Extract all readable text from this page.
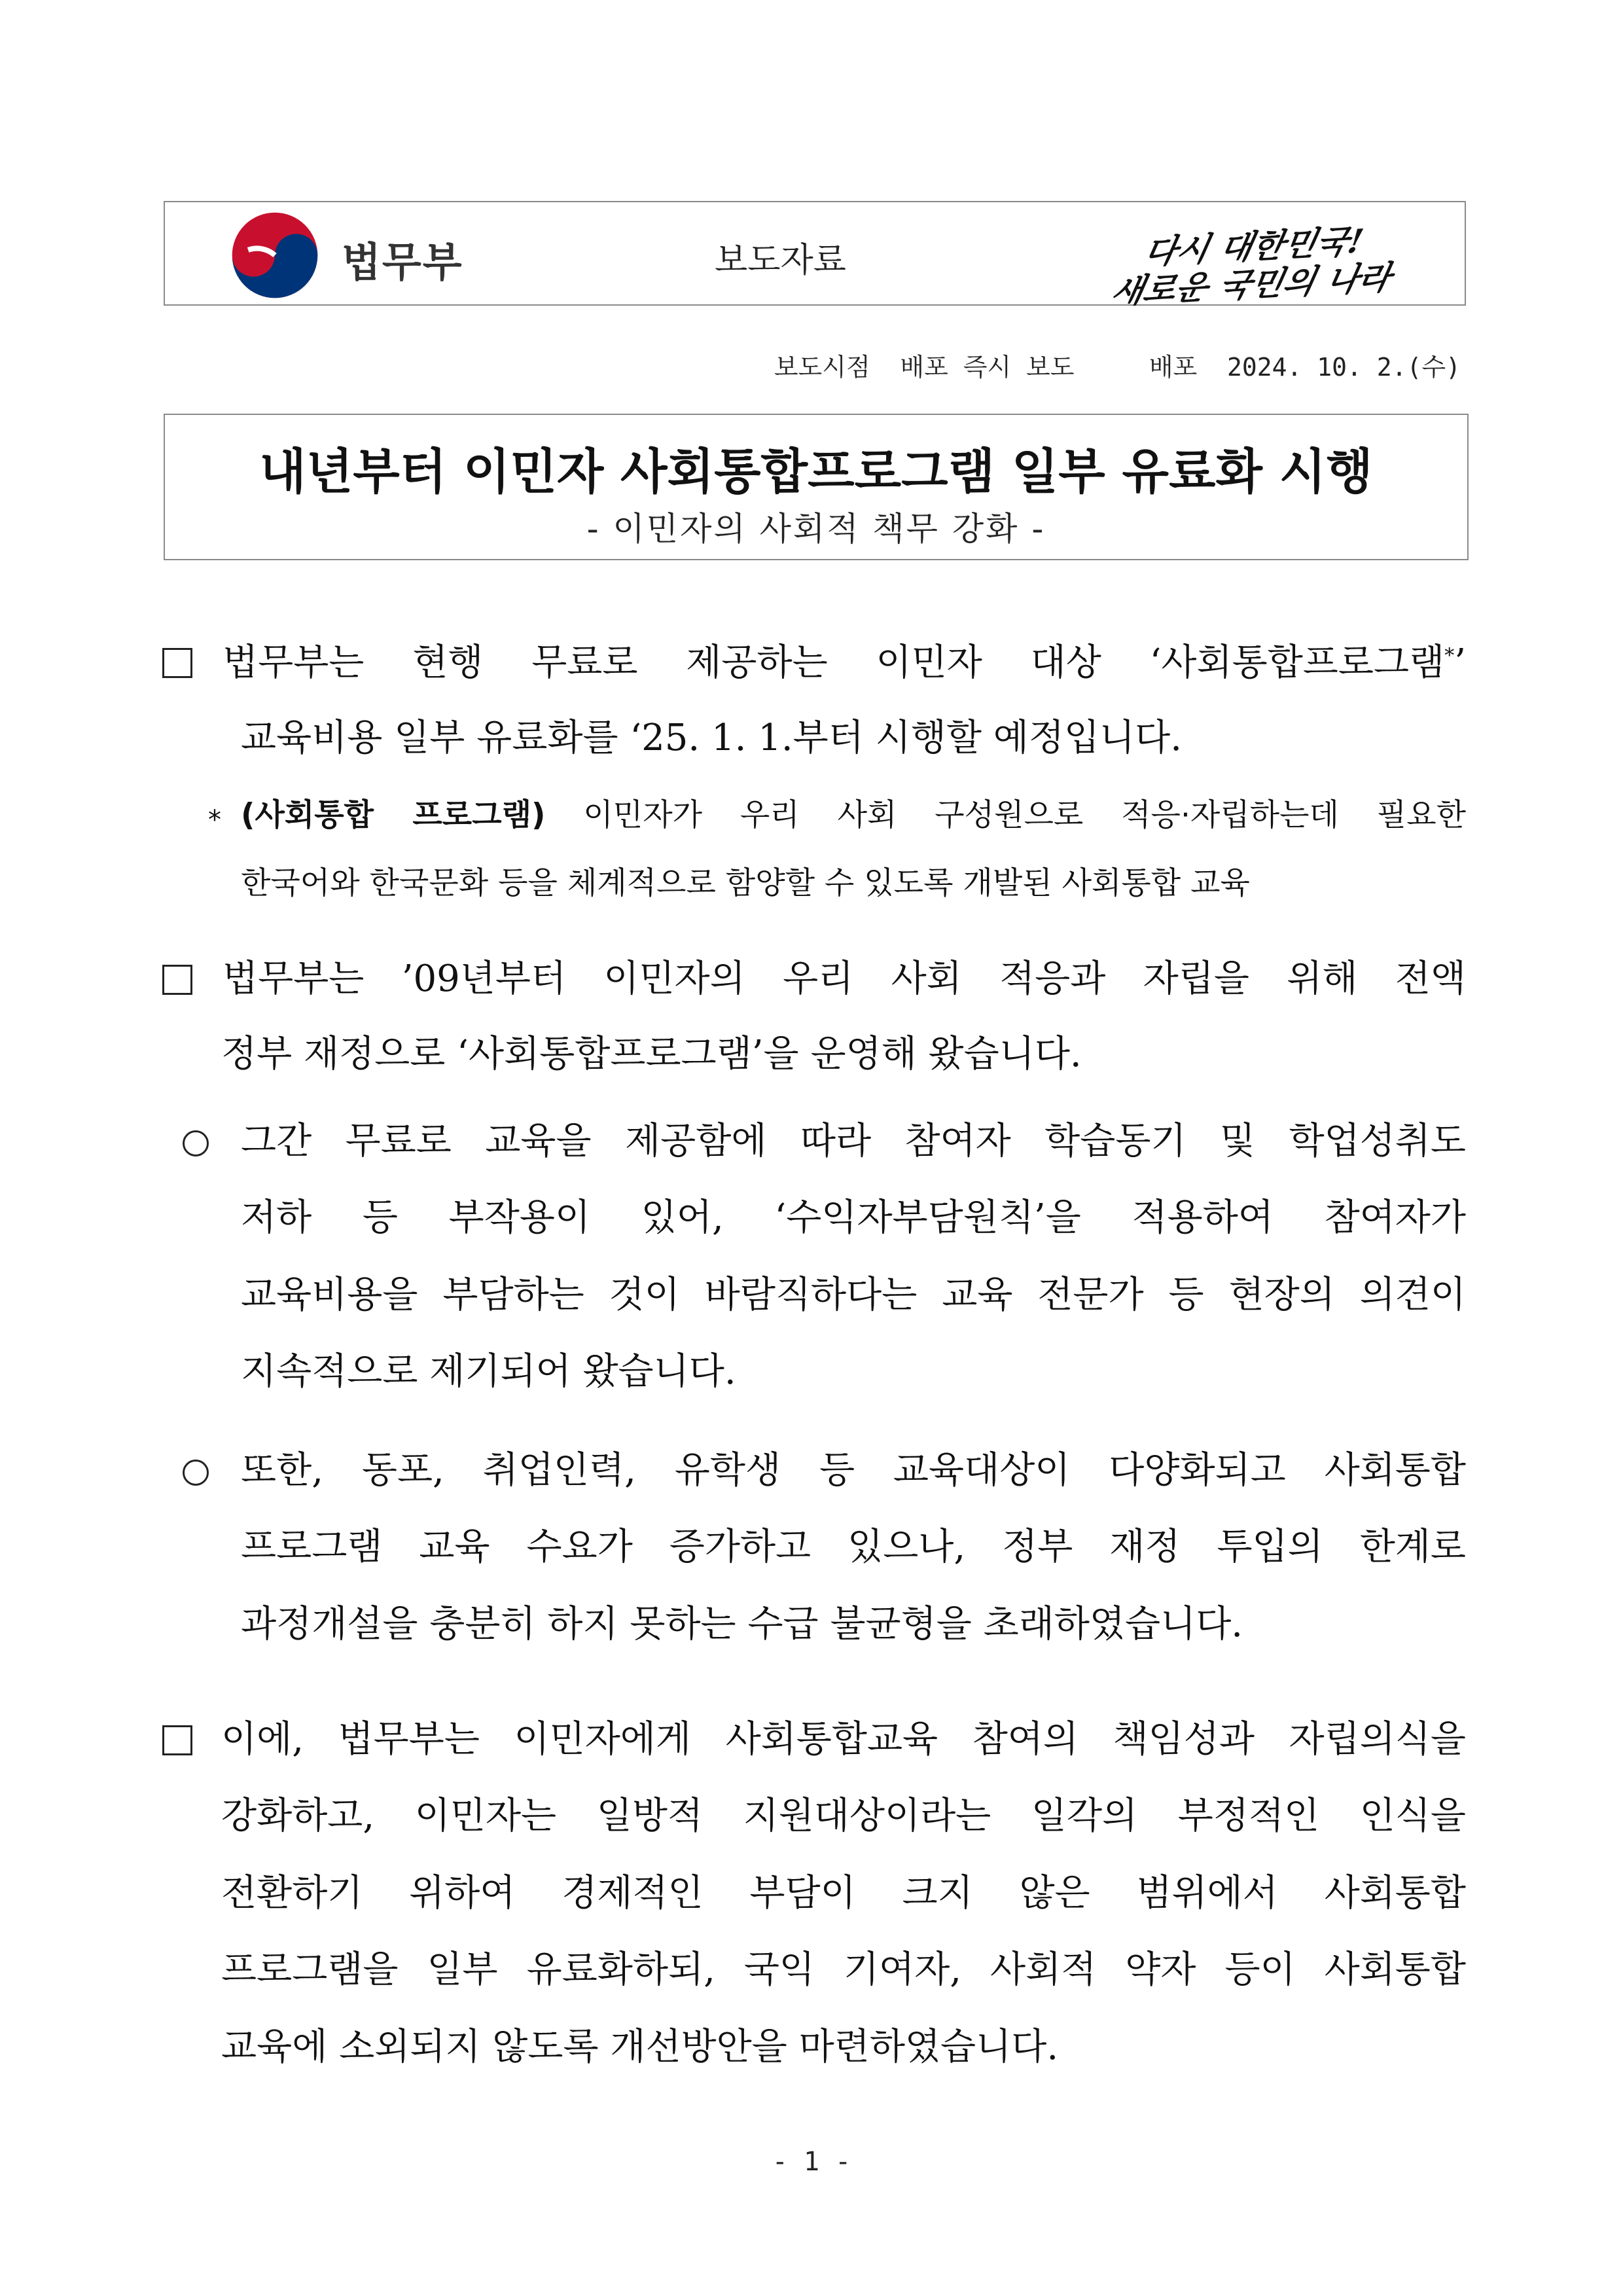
법무부	보도자료	다시 대한민국!
새로운 국민의 나라
보도시점  배포 즉시 보도     배포  2024. 10. 2.(수)
내년부터 이민자 사회통합프로그램 일부 유료화 시행
- 이민자의 사회적 책무 강화 -
법무부는 현행 무료로 제공하는 이민자 대상 ‘사회통합프로그램*’
교육비용 일부 유료화를 ‘25. 1. 1.부터 시행할 예정입니다.
* (사회통합 프로그램) 이민자가 우리 사회 구성원으로 적응·자립하는데 필요한
한국어와 한국문화 등을 체계적으로 함양할 수 있도록 개발된 사회통합 교육
법무부는 ’09년부터 이민자의 우리 사회 적응과 자립을 위해 전액
정부 재정으로 ‘사회통합프로그램’을 운영해 왔습니다.
그간 무료로 교육을 제공함에 따라 참여자 학습동기 및 학업성취도
저하 등 부작용이 있어, ‘수익자부담원칙’을 적용하여 참여자가
교육비용을 부담하는 것이 바람직하다는 교육 전문가 등 현장의 의견이
지속적으로 제기되어 왔습니다.
또한, 동포, 취업인력, 유학생 등 교육대상이 다양화되고 사회통합
프로그램 교육 수요가 증가하고 있으나, 정부 재정 투입의 한계로
과정개설을 충분히 하지 못하는 수급 불균형을 초래하였습니다.
이에, 법무부는 이민자에게 사회통합교육 참여의 책임성과 자립의식을
강화하고, 이민자는 일방적 지원대상이라는 일각의 부정적인 인식을
전환하기 위하여 경제적인 부담이 크지 않은 범위에서 사회통합
프로그램을 일부 유료화하되, 국익 기여자, 사회적 약자 등이 사회통합
교육에 소외되지 않도록 개선방안을 마련하였습니다.
- 1 -
